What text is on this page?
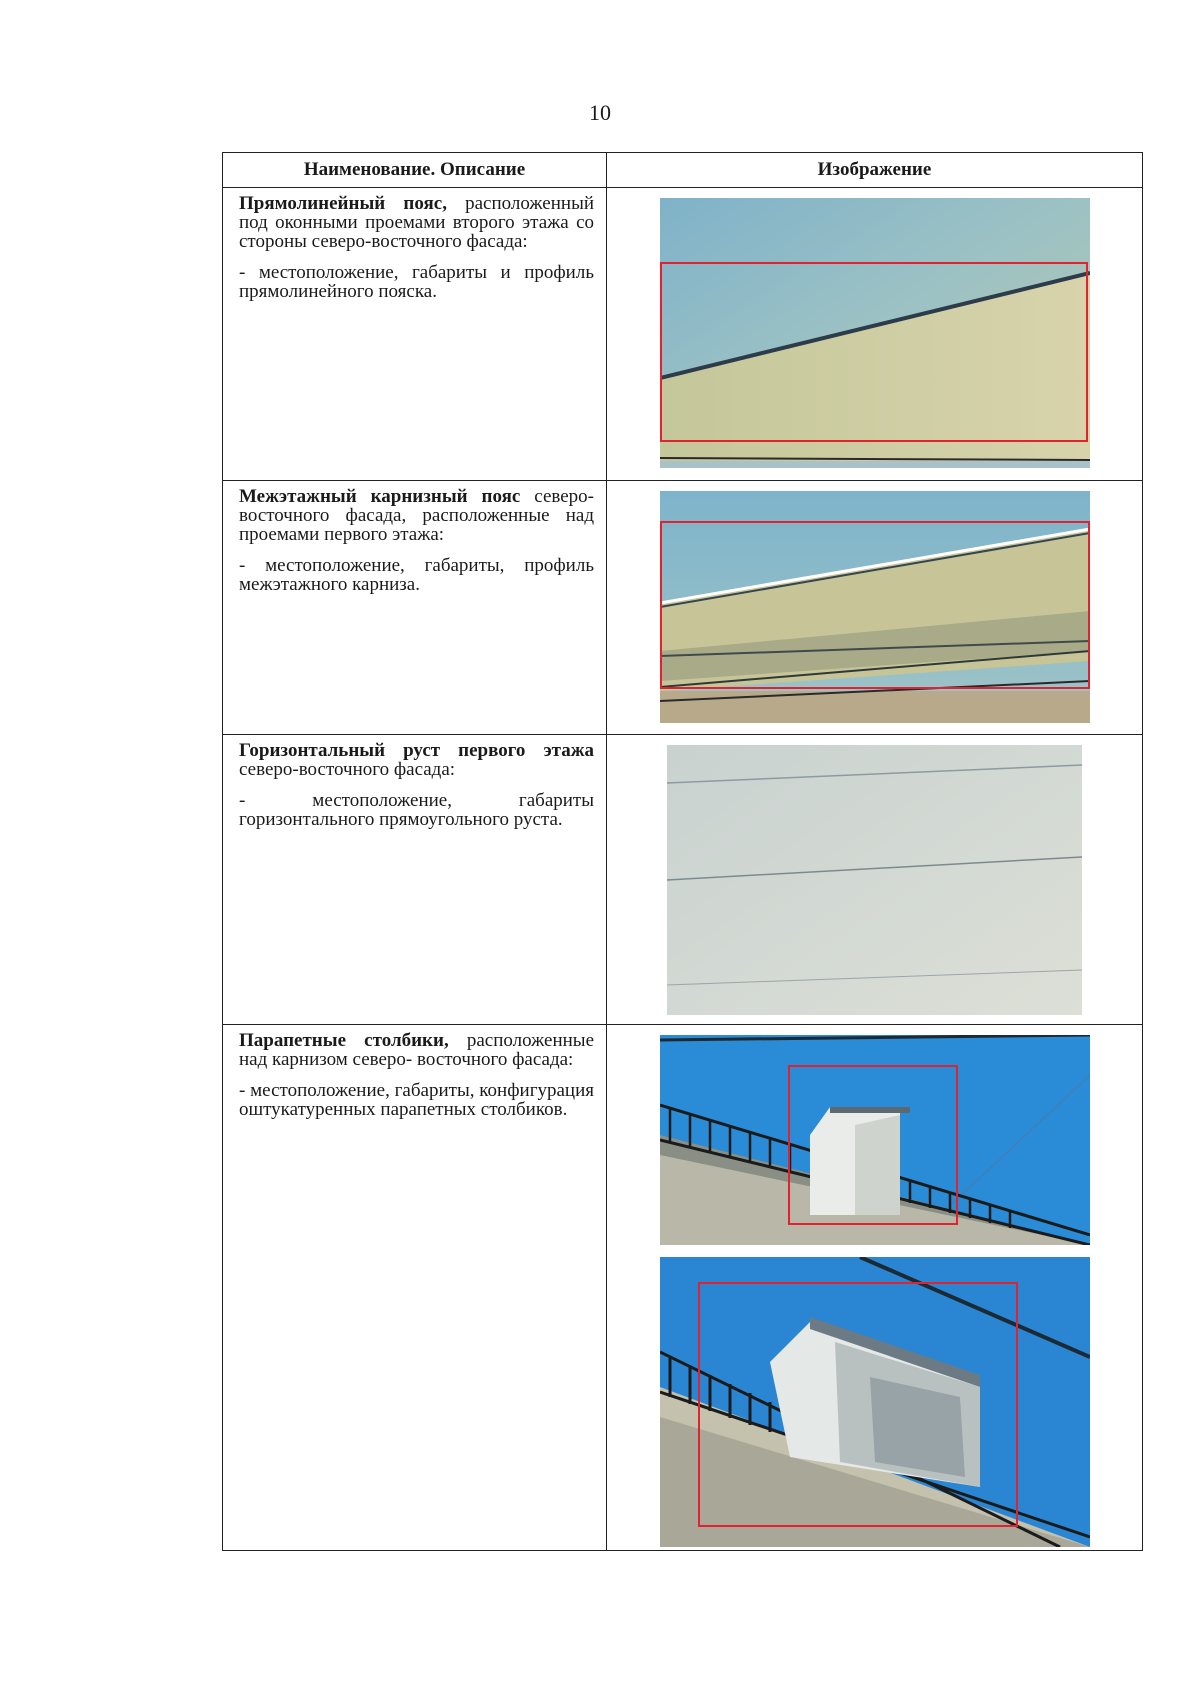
10
Наименование. Описание	Изображение

Прямолинейный пояс, расположенный под оконными проемами второго этажа со стороны северо-восточного фасада:

- местоположение, габариты и профиль прямолинейного пояска.

Межэтажный карнизный пояс северо-восточного фасада, расположенные над проемами первого этажа:

- местоположение, габариты, профиль межэтажного карниза.

Горизонтальный руст первого этажа северо-восточного фасада:

- местоположение, габариты горизонтального прямоугольного руста.

Парапетные столбики, расположенные над карнизом северо- восточного фасада:

- местоположение, габариты, конфигурация оштукатуренных парапетных столбиков.
